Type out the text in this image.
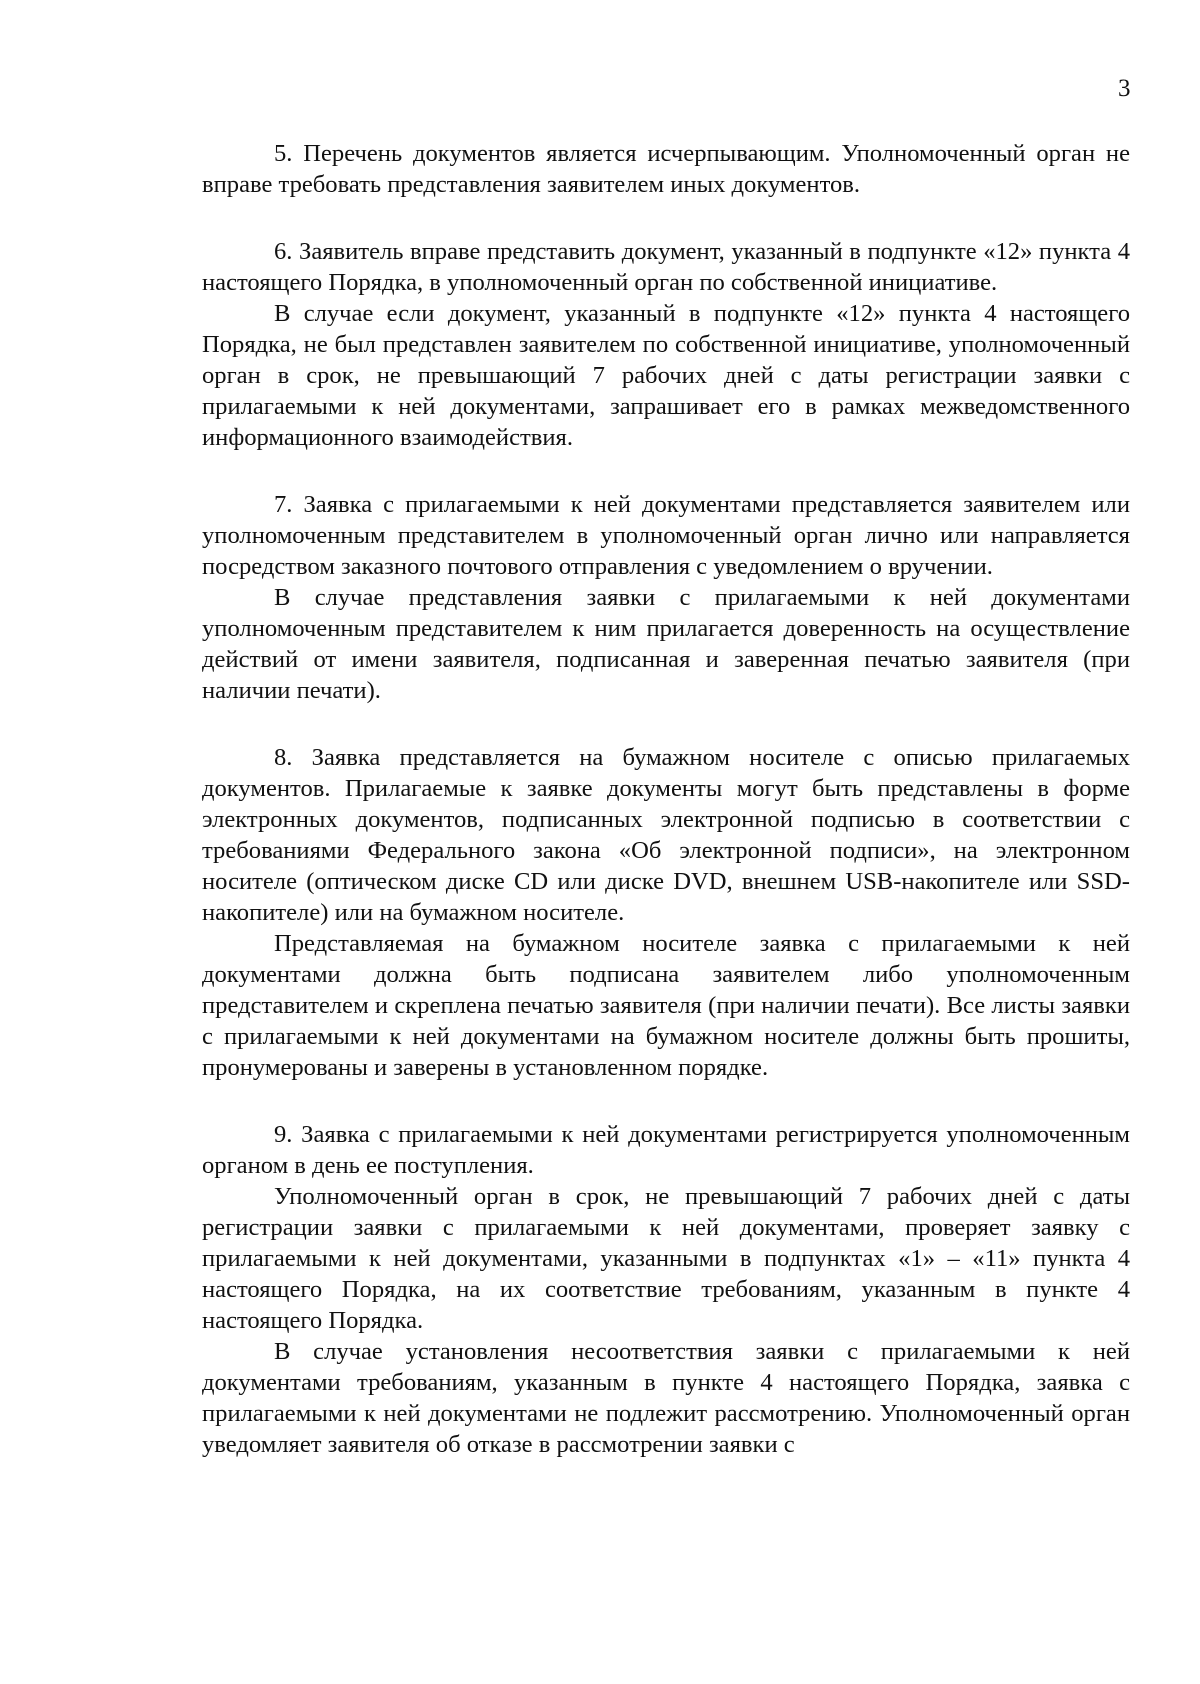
3

5. Перечень документов является исчерпывающим. Уполномоченный орган не вправе требовать представления заявителем иных документов.

6. Заявитель вправе представить документ, указанный в подпункте «12» пункта 4 настоящего Порядка, в уполномоченный орган по собственной инициативе.

В случае если документ, указанный в подпункте «12» пункта 4 настоящего Порядка, не был представлен заявителем по собственной инициативе, уполномоченный орган в срок, не превышающий 7 рабочих дней с даты регистрации заявки с прилагаемыми к ней документами, запрашивает его в рамках межведомственного информационного взаимодействия.

7. Заявка с прилагаемыми к ней документами представляется заявителем или уполномоченным представителем в уполномоченный орган лично или направляется посредством заказного почтового отправления с уведомлением о вручении.

В случае представления заявки с прилагаемыми к ней документами уполномоченным представителем к ним прилагается доверенность на осуществление действий от имени заявителя, подписанная и заверенная печатью заявителя (при наличии печати).

8. Заявка представляется на бумажном носителе с описью прилагаемых документов. Прилагаемые к заявке документы могут быть представлены в форме электронных документов, подписанных электронной подписью в соответствии с требованиями Федерального закона «Об электронной подписи», на электронном носителе (оптическом диске CD или диске DVD, внешнем USB-накопителе или SSD-накопителе) или на бумажном носителе.

Представляемая на бумажном носителе заявка с прилагаемыми к ней документами должна быть подписана заявителем либо уполномоченным представителем и скреплена печатью заявителя (при наличии печати). Все листы заявки с прилагаемыми к ней документами на бумажном носителе должны быть прошиты, пронумерованы и заверены в установленном порядке.

9. Заявка с прилагаемыми к ней документами регистрируется уполномоченным органом в день ее поступления.

Уполномоченный орган в срок, не превышающий 7 рабочих дней с даты регистрации заявки с прилагаемыми к ней документами, проверяет заявку с прилагаемыми к ней документами, указанными в подпунктах «1» – «11» пункта 4 настоящего Порядка, на их соответствие требованиям, указанным в пункте 4 настоящего Порядка.

В случае установления несоответствия заявки с прилагаемыми к ней документами требованиям, указанным в пункте 4 настоящего Порядка, заявка с прилагаемыми к ней документами не подлежит рассмотрению. Уполномоченный орган уведомляет заявителя об отказе в рассмотрении заявки с
